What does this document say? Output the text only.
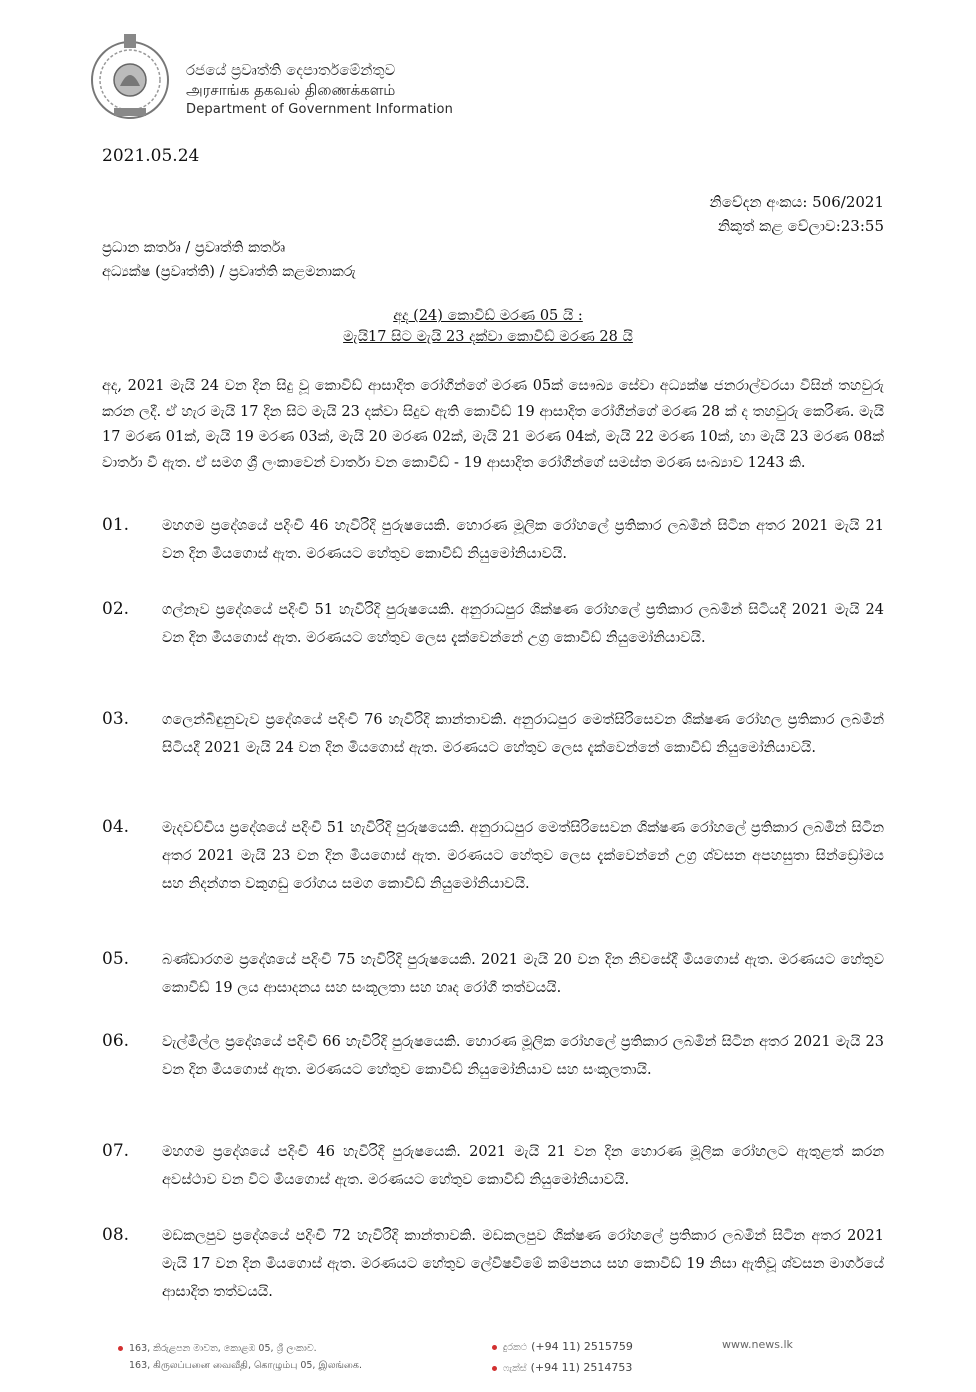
රජයේ ප්‍රවෘත්ති දෙපාර්තමේන්තුව
அரசாங்க தகவல் திணைக்களம்
Department of Government Information
2021.05.24
නිවේදන අංකය: 506/2021
නිකුත් කළ වේලාව:23:55
ප්‍රධාන කර්තෘ / ප්‍රවෘත්ති කර්තෘ
අධ්‍යක්ෂ (ප්‍රවෘත්ති) / ප්‍රවෘත්ති කළමනාකරු
අද (24) කොවිඩ් මරණ 05 යි :
මැයි17 සිට මැයි 23 දක්වා කොවිඩ් මරණ 28 යි
අද, 2021 මැයි 24 වන දින සිදු වූ කොවිඩ් ආසාදිත රෝගීන්ගේ මරණ 05ක් සෞඛ්‍ය සේවා අධ්‍යක්ෂ ජනරාල්වරයා විසින් තහවුරු කරන ලදී. ඒ හැර මැයි 17 දින සිට මැයි 23 දක්වා සිදුව ඇති කොවිඩ් 19 ආසාදිත රෝගීන්ගේ මරණ 28 ක් ද තහවුරු කෙරිණ. මැයි 17 මරණ 01ක්, මැයි 19 මරණ 03ක්, මැයි 20 මරණ 02ක්, මැයි 21 මරණ 04ක්, මැයි 22 මරණ 10ක්, හා මැයි 23 මරණ 08ක් වාර්තා වී ඇත. ඒ සමග ශ්‍රී ලංකාවෙන් වාර්තා වන කොවිඩ් - 19 ආසාදිත රෝගීන්ගේ සමස්ත මරණ සංඛ්‍යාව 1243 කි.
01. මහගම ප්‍රදේශයේ පදිංචි 46 හැවිරිදි පුරුෂයෙකි. හොරණ මූලික රෝහලේ ප්‍රතිකාර ලබමින් සිටින අතර 2021 මැයි 21 වන දින මියගොස් ඇත. මරණයට හේතුව කොවිඩ් නියුමෝනියාවයි.
02. ගල්නෑව ප්‍රදේශයේ පදිංචි 51 හැවිරිදි පුරුෂයෙකි. අනුරාධපුර ශික්ෂණ රෝහලේ ප්‍රතිකාර ලබමින් සිටියදී 2021 මැයි 24 වන දින මියගොස් ඇත. මරණයට හේතුව ලෙස දැක්වෙන්නේ උග්‍ර කොවිඩ් නියුමෝනියාවයි.
03. ගලෙන්බිඳුනුවැව ප්‍රදේශයේ පදිංචි 76 හැවිරිදි කාන්තාවකි. අනුරාධපුර මෙත්සිරිසෙවන ශික්ෂණ රෝහල ප්‍රතිකාර ලබමින් සිටියදී 2021 මැයි 24 වන දින මියගොස් ඇත. මරණයට හේතුව ලෙස දැක්වෙන්නේ කොවිඩ් නියුමෝනියාවයි.
04. මැදවච්චිය ප්‍රදේශයේ පදිංචි 51 හැවිරිදි පුරුෂයෙකි. අනුරාධපුර මෙත්සිරිසෙවන ශික්ෂණ රෝහලේ ප්‍රතිකාර ලබමින් සිටින අතර 2021 මැයි 23 වන දින මියගොස් ඇත. මරණයට හේතුව ලෙස දැක්වෙන්නේ උග්‍ර ශ්වසන අපහසුතා සින්ඩ්‍රෝමය සහ නිදන්ගත වකුගඩු රෝගය සමග කොවිඩ් නියුමෝනියාවයි.
05. බණ්ඩාරගම ප්‍රදේශයේ පදිංචි 75 හැවිරිදි පුරුෂයෙකි. 2021 මැයි 20 වන දින නිවසේදී මියගොස් ඇත. මරණයට හේතුව කොවිඩ් 19 ලය ආසාදනය සහ සංකූලතා සහ හෘද රෝගී තත්වයයි.
06. වැල්මිල්ල ප්‍රදේශයේ පදිංචි 66 හැවිරිදි පුරුෂයෙකි. හොරණ මූලික රෝහලේ ප්‍රතිකාර ලබමින් සිටින අතර 2021 මැයි 23 වන දින මියගොස් ඇත. මරණයට හේතුව කොවිඩ් නියුමෝනියාව සහ සංකූලතායි.
07. මහගම ප්‍රදේශයේ පදිංචි 46 හැවිරිදි පුරුෂයෙකි. 2021 මැයි 21 වන දින හොරණ මූලික රෝහලට ඇතුළත් කරන අවස්ථාව වන විට මියගොස් ඇත. මරණයට හේතුව කොවිඩ් නියුමෝනියාවයි.
08. මඩකලපුව ප්‍රදේශයේ පදිංචි 72 හැවිරිදි කාන්තාවකි. මඩකලපුව ශික්ෂණ රෝහලේ ප්‍රතිකාර ලබමින් සිටින අතර 2021 මැයි 17 වන දින මියගොස් ඇත. මරණයට හේතුව ලේවිෂවීමේ කම්පනය සහ කොවිඩ් 19 නිසා ඇතිවූ ශ්වසන මාර්ගයේ ආසාදිත තත්වයයි.
163, කිරුළපන මාවත, කොළඹ 05, ශ්‍රී ලංකාව.
163, கிருலப்பனை வைவீதி, கொழும்பு 05, இலங்கை.
දුරකථ (+94 11) 2515759
ෆැක්ස් (+94 11) 2514753
www.news.lk
